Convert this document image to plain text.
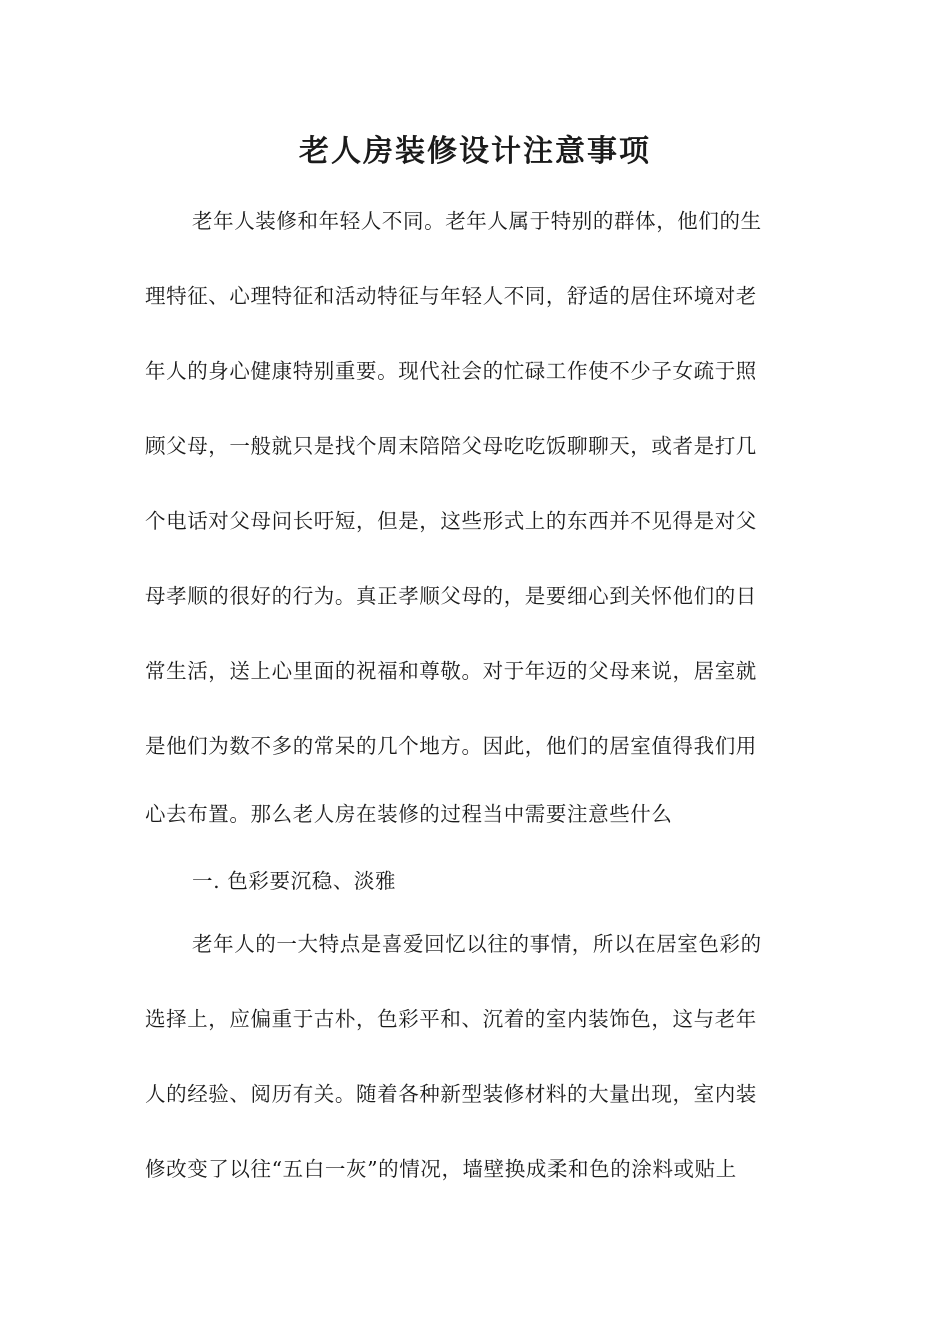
老人房装修设计注意事项

老年人装修和年轻人不同。老年人属于特别的群体，他们的生

理特征、心理特征和活动特征与年轻人不同，舒适的居住环境对老

年人的身心健康特别重要。现代社会的忙碌工作使不少子女疏于照

顾父母，一般就只是找个周末陪陪父母吃吃饭聊聊天，或者是打几

个电话对父母问长吁短，但是，这些形式上的东西并不见得是对父

母孝顺的很好的行为。真正孝顺父母的，是要细心到关怀他们的日

常生活，送上心里面的祝福和尊敬。对于年迈的父母来说，居室就

是他们为数不多的常呆的几个地方。因此，他们的居室值得我们用

心去布置。那么老人房在装修的过程当中需要注意些什么

一. 色彩要沉稳、淡雅

老年人的一大特点是喜爱回忆以往的事情，所以在居室色彩的

选择上，应偏重于古朴，色彩平和、沉着的室内装饰色，这与老年

人的经验、阅历有关。随着各种新型装修材料的大量出现，室内装

修改变了以往“五白一灰”的情况，墙壁换成柔和色的涂料或贴上
